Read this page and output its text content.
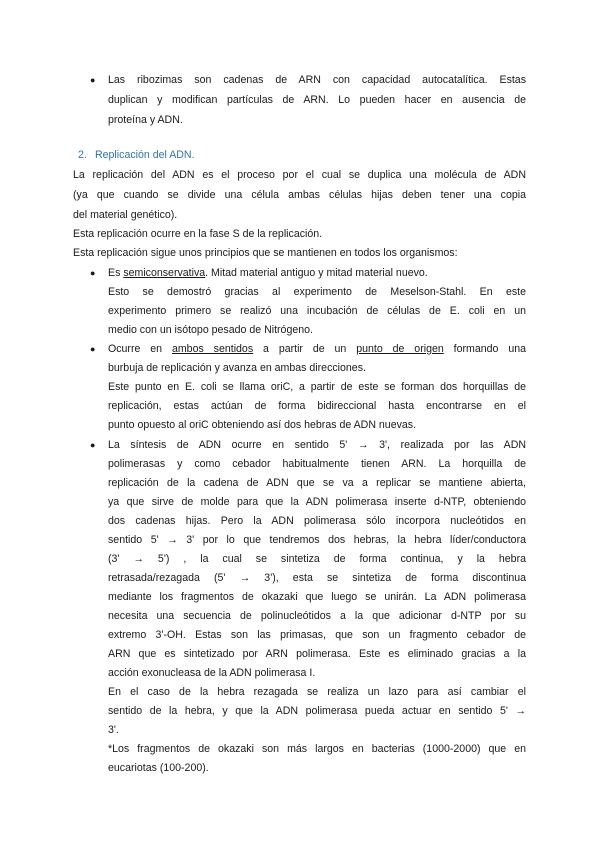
● Las ribozimas son cadenas de ARN con capacidad autocatalítica. Estas

duplican y modifican partículas de ARN. Lo pueden hacer en ausencia de

proteína y ADN.

2. Replicación del ADN.

La replicación del ADN es el proceso por el cual se duplica una molécula de ADN

(ya que cuando se divide una célula ambas células hijas deben tener una copia

del material genético).

Esta replicación ocurre en la fase S de la replicación.

Esta replicación sigue unos principios que se mantienen en todos los organismos:

● Es semiconservativa. Mitad material antiguo y mitad material nuevo.

Esto se demostró gracias al experimento de Meselson-Stahl. En este

experimento primero se realizó una incubación de células de E. coli en un

medio con un isótopo pesado de Nitrógeno.

● Ocurre en ambos sentidos a partir de un punto de origen formando una

burbuja de replicación y avanza en ambas direcciones.

Este punto en E. coli se llama oriC, a partir de este se forman dos horquillas de

replicación, estas actúan de forma bidireccional hasta encontrarse en el

punto opuesto al oriC obteniendo así dos hebras de ADN nuevas.

● La síntesis de ADN ocurre en sentido 5' → 3', realizada por las ADN

polimerasas y como cebador habitualmente tienen ARN. La horquilla de

replicación de la cadena de ADN que se va a replicar se mantiene abierta,

ya que sirve de molde para que la ADN polimerasa inserte d-NTP, obteniendo

dos cadenas hijas. Pero la ADN polimerasa sólo incorpora nucleótidos en

sentido 5' → 3' por lo que tendremos dos hebras, la hebra líder/conductora

(3' → 5') , la cual se sintetiza de forma continua, y la hebra

retrasada/rezagada (5' → 3'), esta se sintetiza de forma discontinua

mediante los fragmentos de okazaki que luego se unirán. La ADN polimerasa

necesita una secuencia de polinucleótidos a la que adicionar d-NTP por su

extremo 3'-OH. Estas son las primasas, que son un fragmento cebador de

ARN que es sintetizado por ARN polimerasa. Este es eliminado gracias a la

acción exonucleasa de la ADN polimerasa I.

En el caso de la hebra rezagada se realiza un lazo para así cambiar el

sentido de la hebra, y que la ADN polimerasa pueda actuar en sentido 5' →

3'.

*Los fragmentos de okazaki son más largos en bacterias (1000-2000) que en

eucariotas (100-200).
